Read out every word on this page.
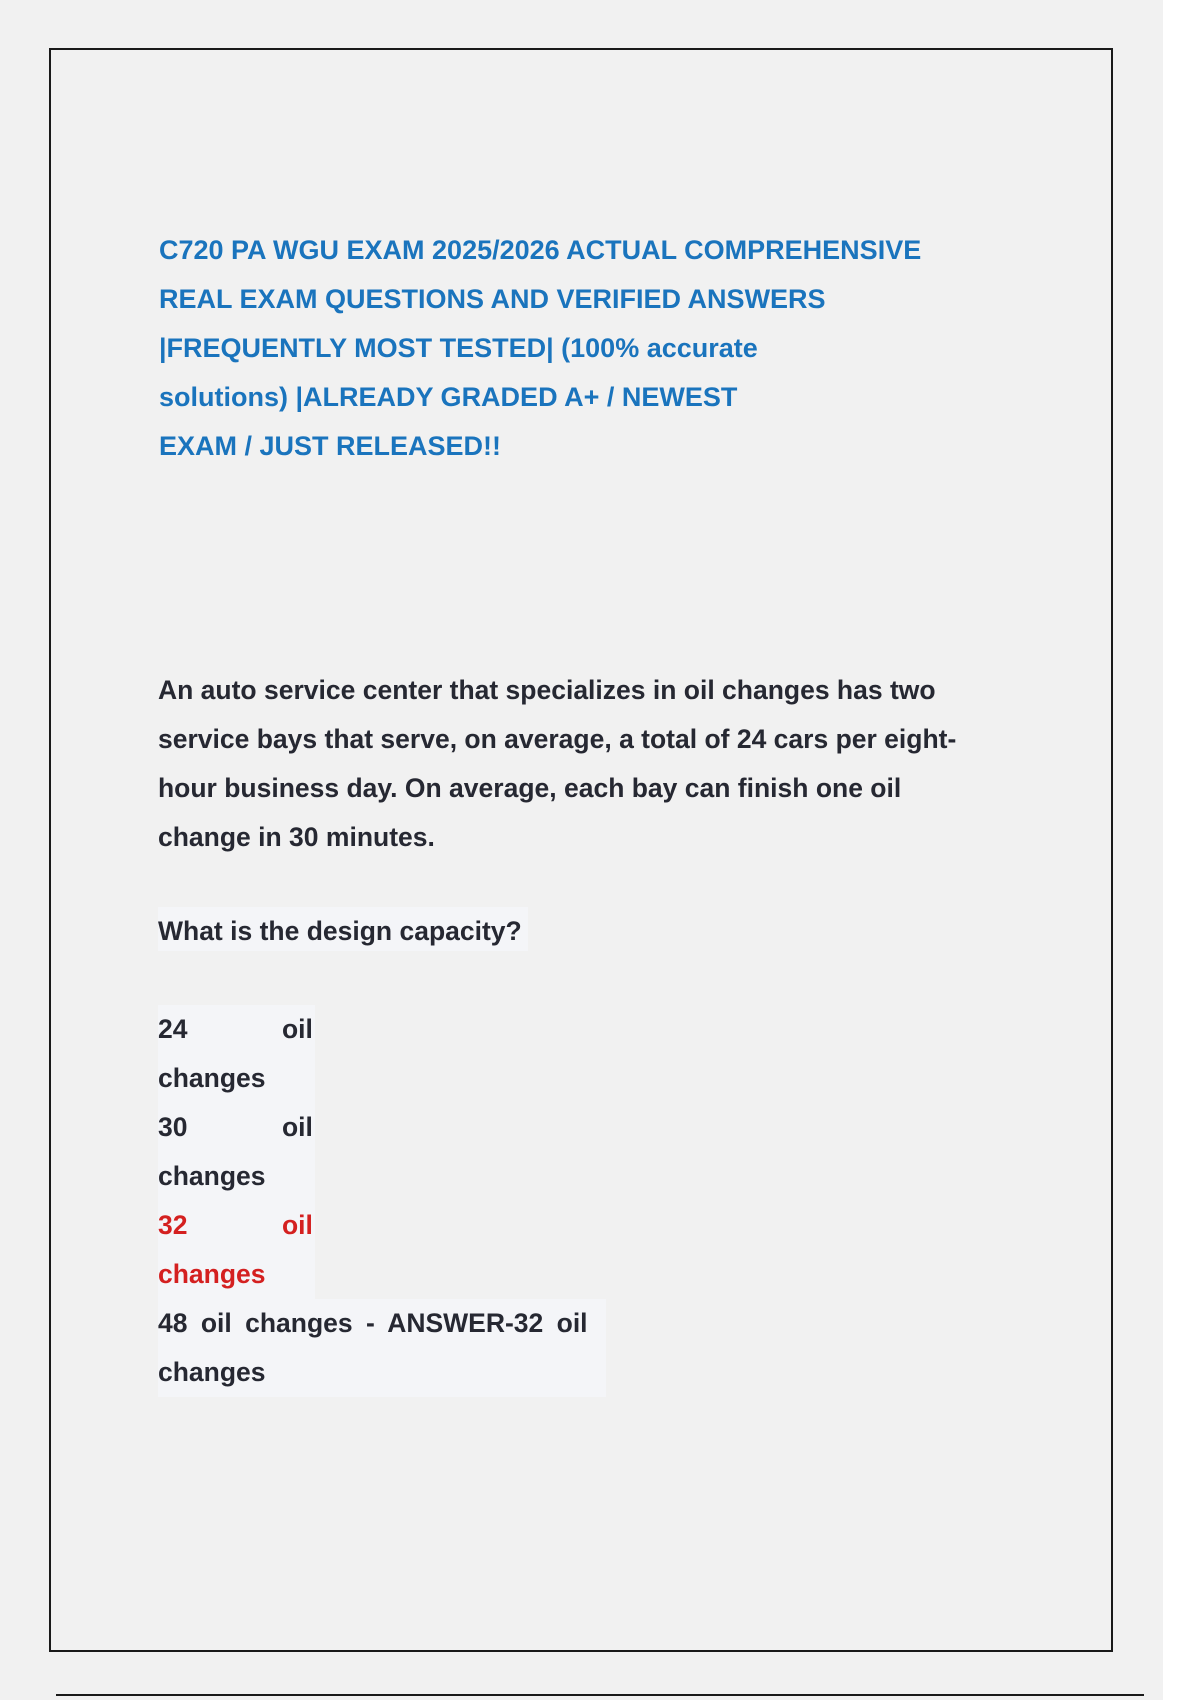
C720 PA WGU EXAM 2025/2026 ACTUAL COMPREHENSIVE
REAL EXAM QUESTIONS AND VERIFIED ANSWERS
|FREQUENTLY MOST TESTED| (100% accurate
solutions) |ALREADY GRADED A+ / NEWEST
EXAM / JUST RELEASED!!

An auto service center that specializes in oil changes has two
service bays that serve, on average, a total of 24 cars per eight-
hour business day. On average, each bay can finish one oil
change in 30 minutes.

What is the design capacity?

24	oil
changes
30	oil
changes
32	oil
changes
48 oil changes - ANSWER-32 oil
changes
